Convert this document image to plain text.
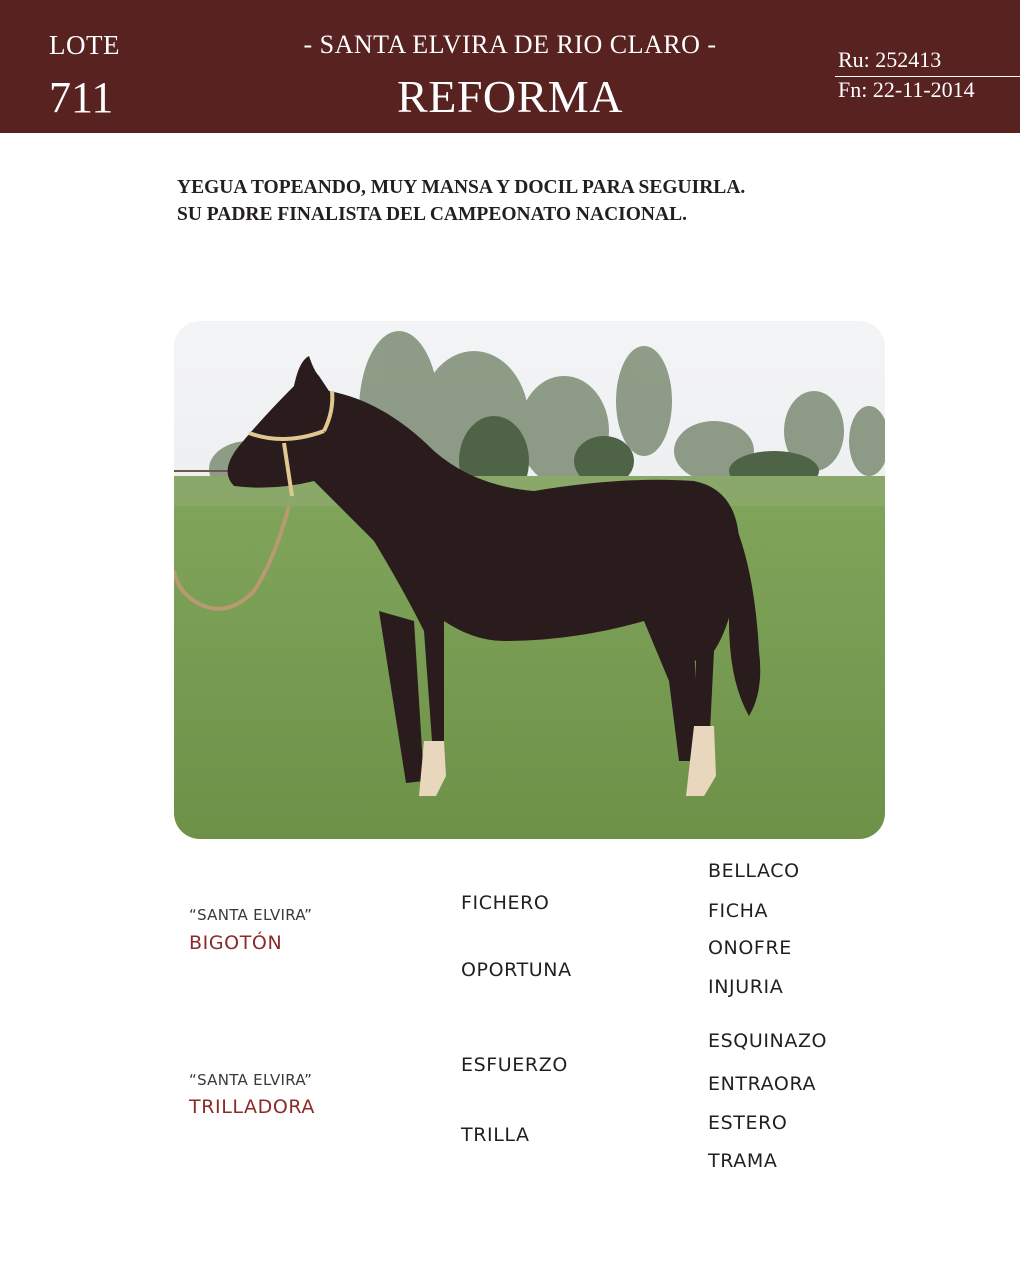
LOTE
711
- SANTA ELVIRA DE RIO CLARO -
REFORMA
Ru: 252413
Fn: 22-11-2014
YEGUA TOPEANDO, MUY MANSA Y DOCIL PARA SEGUIRLA.
SU PADRE FINALISTA DEL CAMPEONATO NACIONAL.
“SANTA ELVIRA”
BIGOTÓN
“SANTA ELVIRA”
TRILLADORA
FICHERO
OPORTUNA
ESFUERZO
TRILLA
BELLACO
FICHA
ONOFRE
INJURIA
ESQUINAZO
ENTRAORA
ESTERO
TRAMA
